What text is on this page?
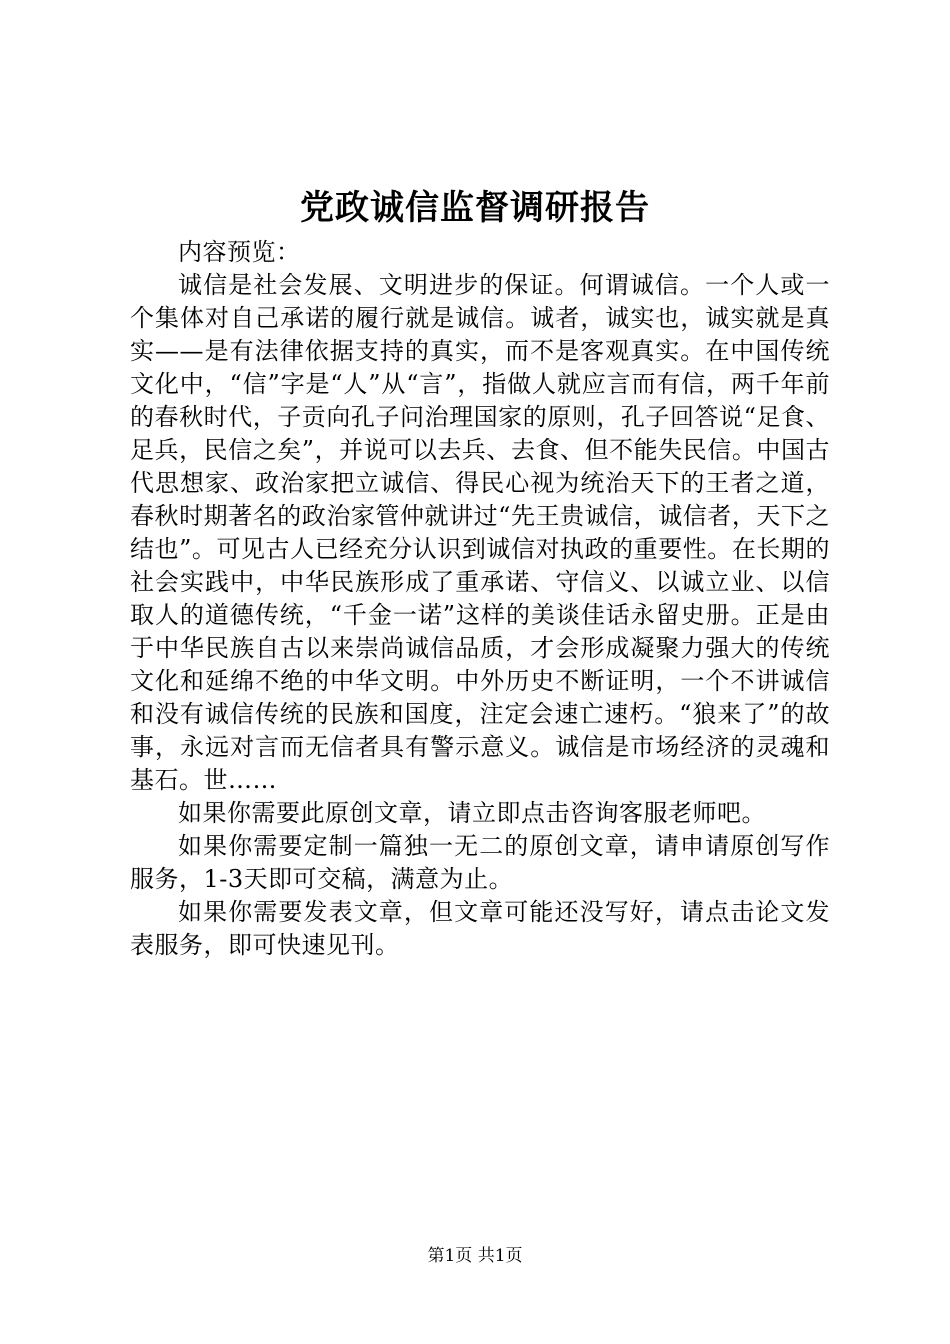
党政诚信监督调研报告

内容预览：

诚信是社会发展、文明进步的保证。何谓诚信。一个人或一个集体对自己承诺的履行就是诚信。诚者，诚实也，诚实就是真实——是有法律依据支持的真实，而不是客观真实。在中国传统文化中，“信”字是“人”从“言”，指做人就应言而有信，两千年前的春秋时代，子贡向孔子问治理国家的原则，孔子回答说“足食、足兵，民信之矣”，并说可以去兵、去食、但不能失民信。中国古代思想家、政治家把立诚信、得民心视为统治天下的王者之道，春秋时期著名的政治家管仲就讲过“先王贵诚信，诚信者，天下之结也”。可见古人已经充分认识到诚信对执政的重要性。在长期的社会实践中，中华民族形成了重承诺、守信义、以诚立业、以信取人的道德传统，“千金一诺”这样的美谈佳话永留史册。正是由于中华民族自古以来崇尚诚信品质，才会形成凝聚力强大的传统文化和延绵不绝的中华文明。中外历史不断证明，一个不讲诚信和没有诚信传统的民族和国度，注定会速亡速朽。“狼来了”的故事，永远对言而无信者具有警示意义。诚信是市场经济的灵魂和基石。世……

如果你需要此原创文章，请立即点击咨询客服老师吧。

如果你需要定制一篇独一无二的原创文章，请申请原创写作服务，1-3天即可交稿，满意为止。

如果你需要发表文章，但文章可能还没写好，请点击论文发表服务，即可快速见刊。

第1页 共1页
